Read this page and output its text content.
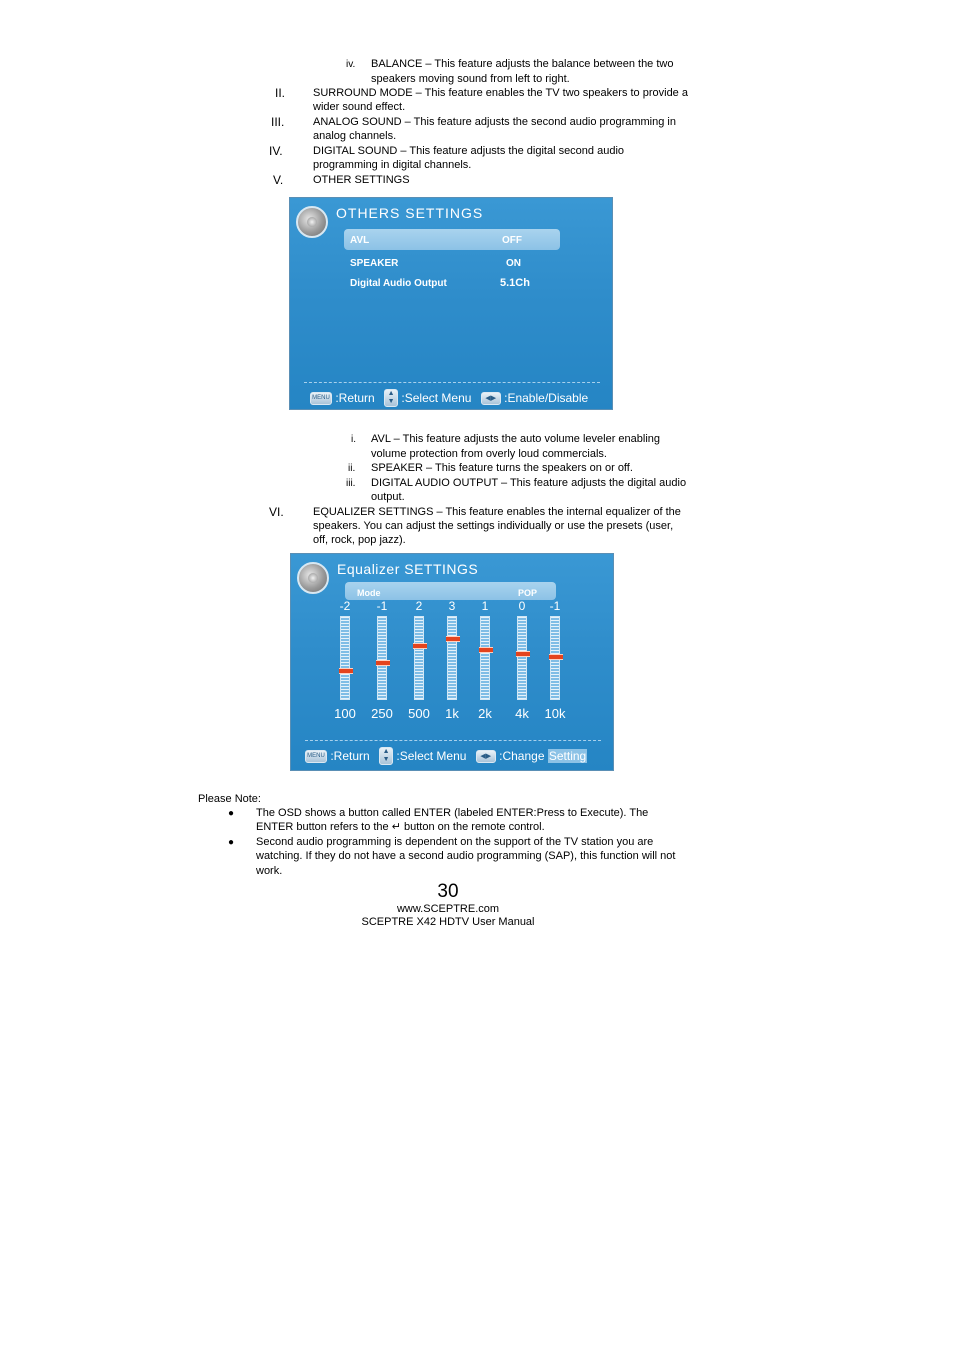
iv. BALANCE – This feature adjusts the balance between the two
speakers moving sound from left to right.
II.	SURROUND MODE – This feature enables the TV two speakers to provide a
wider sound effect.
III.	ANALOG SOUND – This feature adjusts the second audio programming in
analog channels.
IV.	DIGITAL SOUND – This feature adjusts the digital second audio
programming in digital channels.
V.	OTHER SETTINGS
OTHERS SETTINGS
AVL	OFF
SPEAKER	ON
Digital Audio Output	5.1Ch
MENU :Return ▲
▼ :Select Menu ◀▶ :Enable/Disable
i. AVL – This feature adjusts the auto volume leveler enabling
volume protection from overly loud commercials.
ii. SPEAKER – This feature turns the speakers on or off.
iii. DIGITAL AUDIO OUTPUT – This feature adjusts the digital audio
output.
VI.	EQUALIZER SETTINGS – This feature enables the internal equalizer of the
speakers. You can adjust the settings individually or use the presets (user,
off, rock, pop jazz).
Equalizer SETTINGS
Mode	POP
-2
100
-1
250
2
500
3
1k
1
2k
0
4k
-1
10k
MENU :Return ▲
▼ :Select Menu ◀▶ :Change Setting
Please Note:
● The OSD shows a button called ENTER (labeled ENTER:Press to Execute). The
ENTER button refers to the ↵ button on the remote control.
● Second audio programming is dependent on the support of the TV station you are
watching. If they do not have a second audio programming (SAP), this function will not
work.
30
www.SCEPTRE.com
SCEPTRE X42 HDTV User Manual
